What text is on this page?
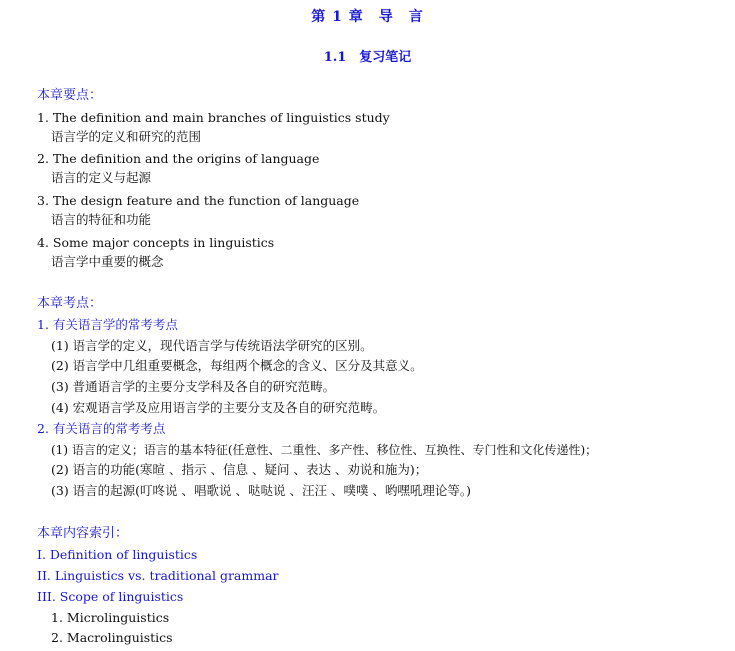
第 1 章　导　言
1.1　复习笔记
本章要点：
1. The definition and main branches of linguistics study
语言学的定义和研究的范围
2. The definition and the origins of language
语言的定义与起源
3. The design feature and the function of language
语言的特征和功能
4. Some major concepts in linguistics
语言学中重要的概念
本章考点：
1. 有关语言学的常考考点
(1) 语言学的定义，现代语言学与传统语法学研究的区别。
(2) 语言学中几组重要概念，每组两个概念的含义、区分及其意义。
(3) 普通语言学的主要分支学科及各自的研究范畴。
(4) 宏观语言学及应用语言学的主要分支及各自的研究范畴。
2. 有关语言的常考考点
(1) 语言的定义；语言的基本特征(任意性、二重性、多产性、移位性、互换性、专门性和文化传递性)；
(2) 语言的功能(寒暄 、指示 、信息 、疑问 、表达 、劝说和施为)；
(3) 语言的起源(叮咚说 、唱歌说 、哒哒说 、汪汪 、噗噗 、哟嘿吼理论等。)
本章内容索引：
I. Definition of linguistics
II. Linguistics vs. traditional grammar
III. Scope of linguistics
1. Microlinguistics
2. Macrolinguistics
